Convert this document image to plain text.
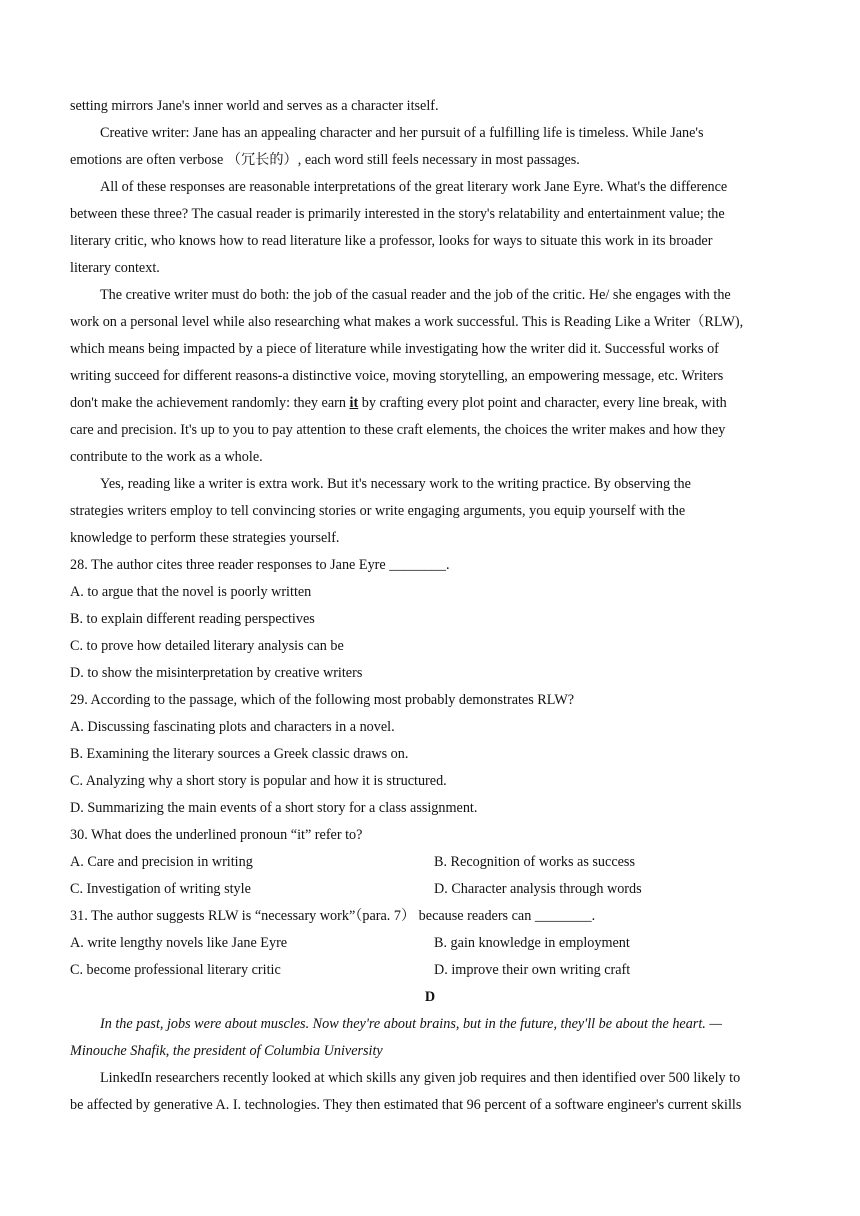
setting mirrors Jane's inner world and serves as a character itself.
Creative writer: Jane has an appealing character and her pursuit of a fulfilling life is timeless. While Jane's
emotions are often verbose （冗长的）, each word still feels necessary in most passages.
All of these responses are reasonable interpretations of the great literary work Jane Eyre. What's the difference
between these three? The casual reader is primarily interested in the story's relatability and entertainment value; the
literary critic, who knows how to read literature like a professor, looks for ways to situate this work in its broader
literary context.
The creative writer must do both: the job of the casual reader and the job of the critic. He/ she engages with the
work on a personal level while also researching what makes a work successful. This is Reading Like a Writer（RLW),
which means being impacted by a piece of literature while investigating how the writer did it. Successful works of
writing succeed for different reasons-a distinctive voice, moving storytelling, an empowering message, etc. Writers
don't make the achievement randomly: they earn it by crafting every plot point and character, every line break, with
care and precision. It's up to you to pay attention to these craft elements, the choices the writer makes and how they
contribute to the work as a whole.
Yes, reading like a writer is extra work. But it's necessary work to the writing practice. By observing the
strategies writers employ to tell convincing stories or write engaging arguments, you equip yourself with the
knowledge to perform these strategies yourself.
28. The author cites three reader responses to Jane Eyre ________.
A. to argue that the novel is poorly written
B. to explain different reading perspectives
C. to prove how detailed literary analysis can be
D. to show the misinterpretation by creative writers
29. According to the passage, which of the following most probably demonstrates RLW?
A. Discussing fascinating plots and characters in a novel.
B. Examining the literary sources a Greek classic draws on.
C. Analyzing why a short story is popular and how it is structured.
D. Summarizing the main events of a short story for a class assignment.
30. What does the underlined pronoun “it” refer to?
A. Care and precision in writing	B. Recognition of works as success
C. Investigation of writing style	D. Character analysis through words
31. The author suggests RLW is “necessary work”（para. 7） because readers can ________.
A. write lengthy novels like Jane Eyre	B. gain knowledge in employment
C. become professional literary critic	D. improve their own writing craft
D
In the past, jobs were about muscles. Now they're about brains, but in the future, they'll be about the heart. —
Minouche Shafik, the president of Columbia University
LinkedIn researchers recently looked at which skills any given job requires and then identified over 500 likely to
be affected by generative A. I. technologies. They then estimated that 96 percent of a software engineer's current skills
